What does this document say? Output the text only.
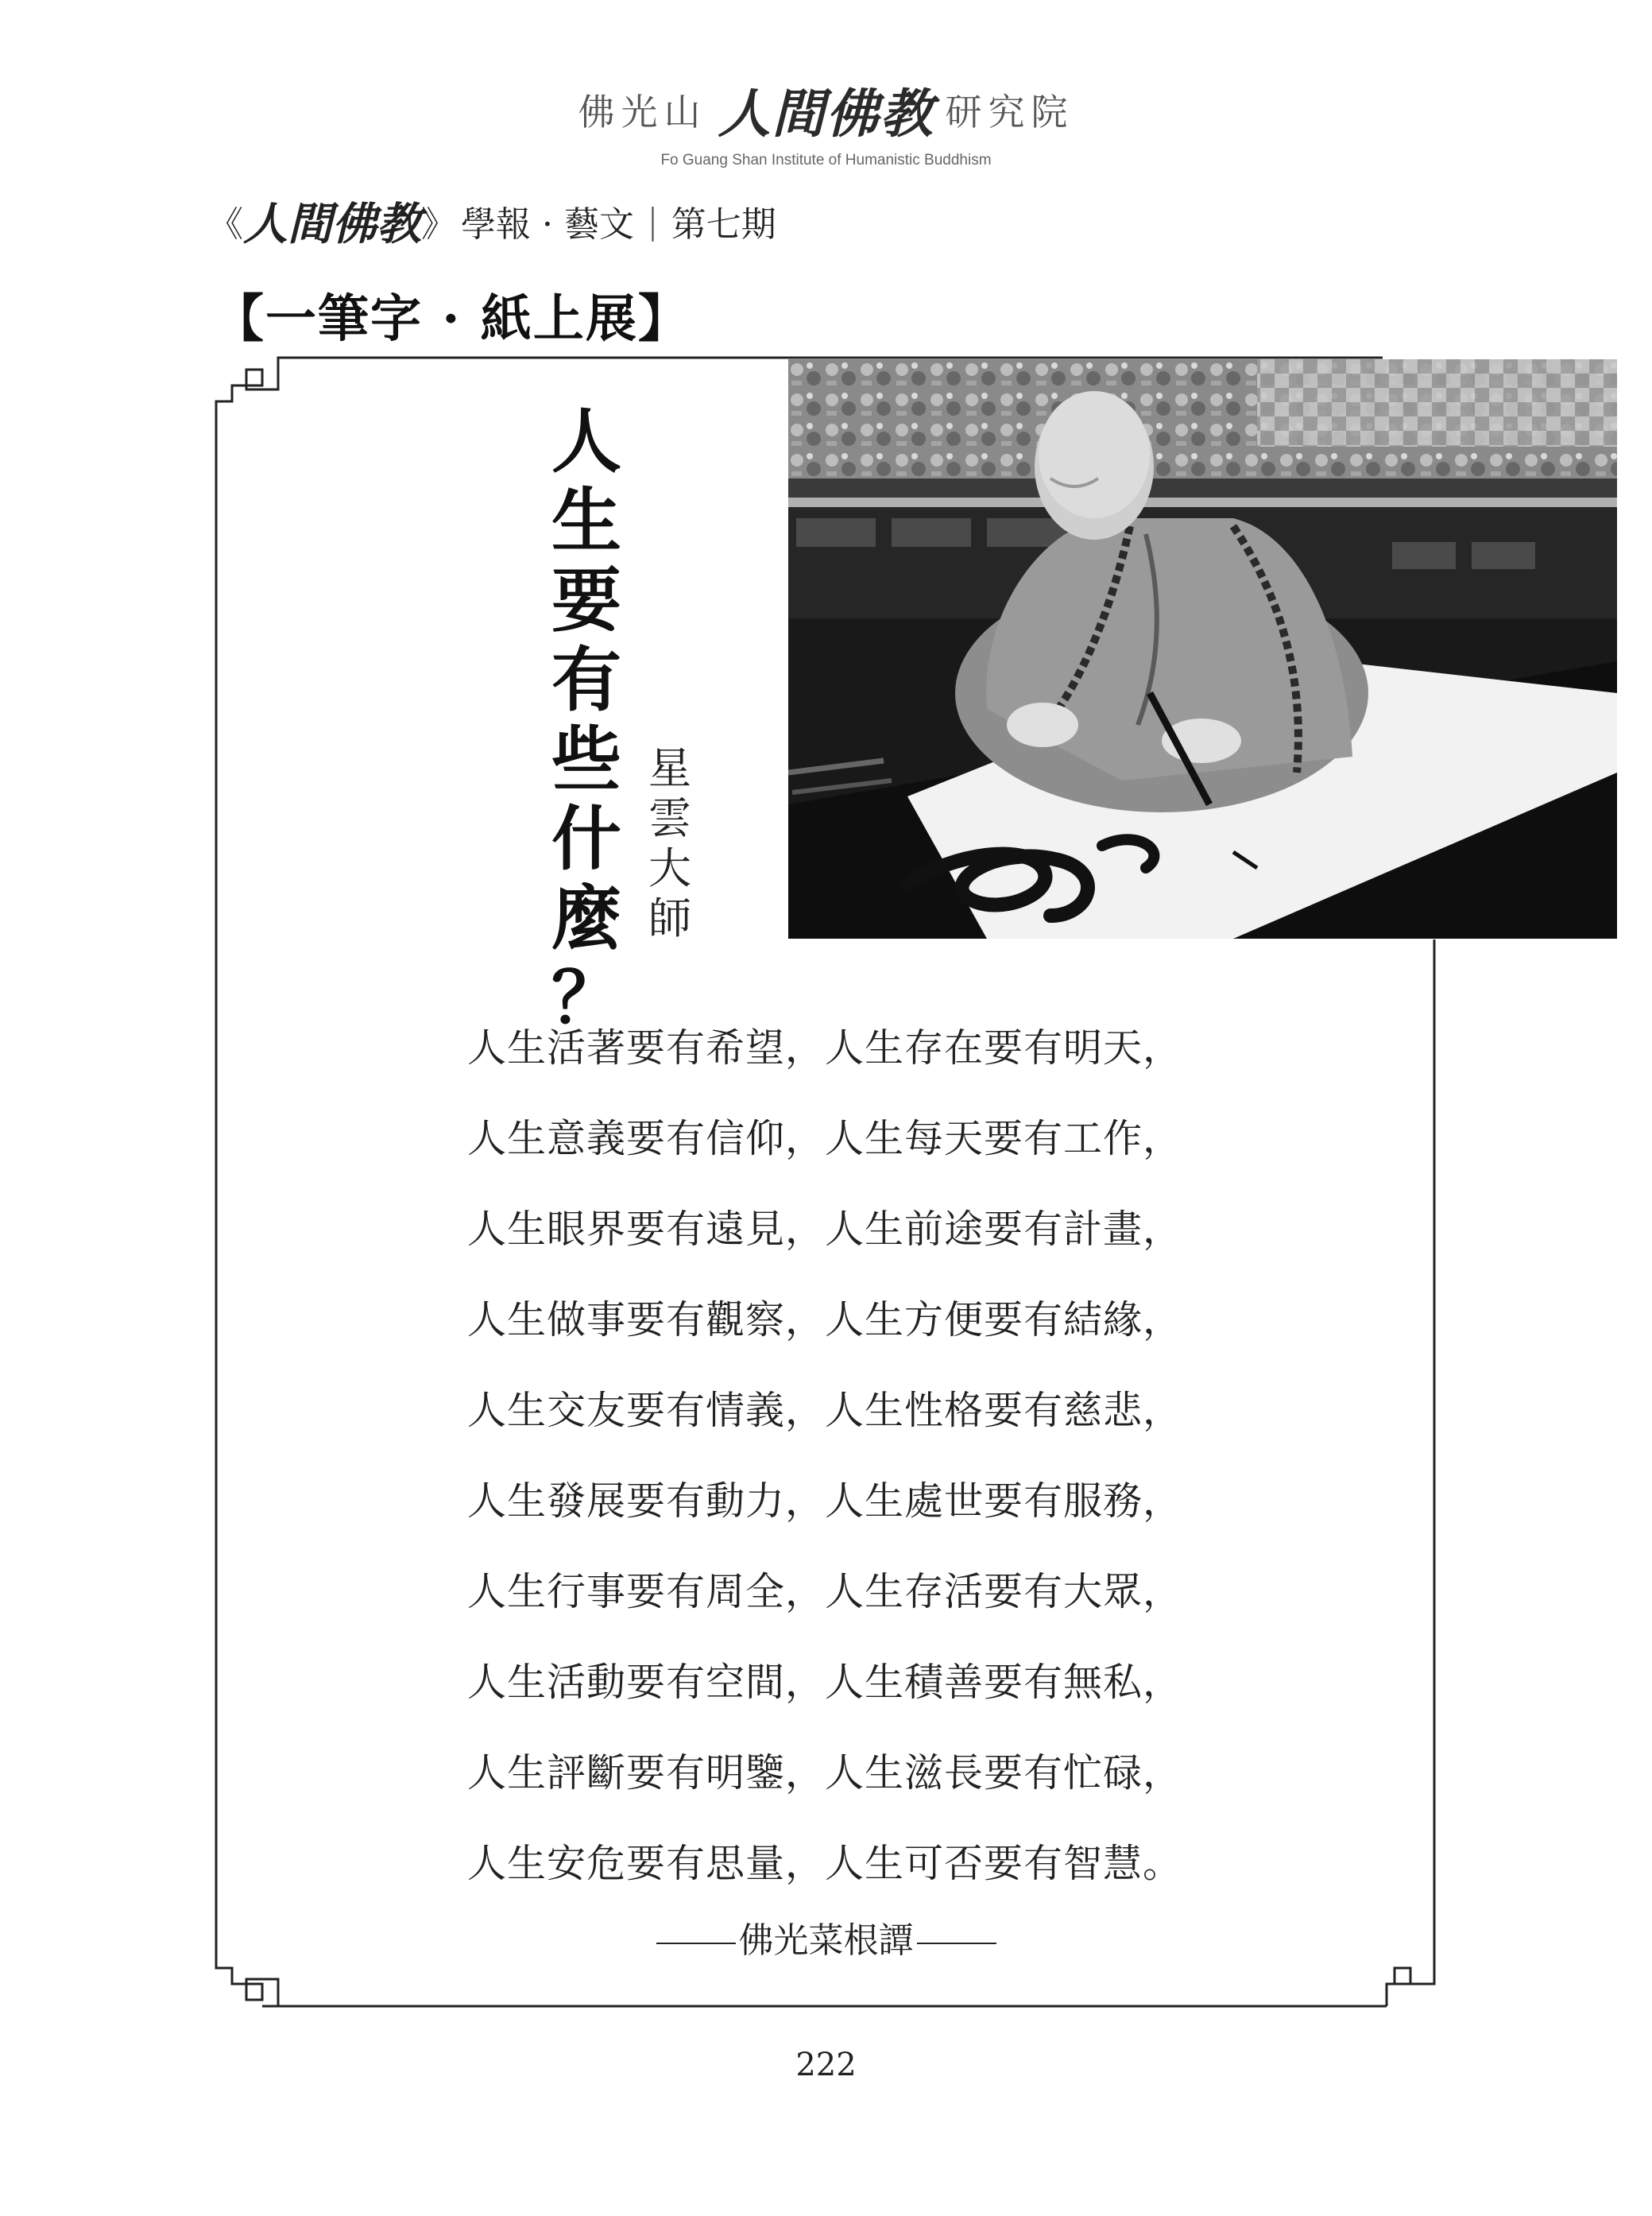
佛光山 人間佛教 研究院
Fo Guang Shan Institute of Humanistic Buddhism
《 人間佛教 》 學報 · 藝文 | 第七期
【一筆字 · 紙上展】
人
生
要
有
些
什
麼
？
星
雲
大
師
人生活著要有希望，人生存在要有明天，
人生意義要有信仰，人生每天要有工作，
人生眼界要有遠見，人生前途要有計畫，
人生做事要有觀察，人生方便要有結緣，
人生交友要有情義，人生性格要有慈悲，
人生發展要有動力，人生處世要有服務，
人生行事要有周全，人生存活要有大眾，
人生活動要有空間，人生積善要有無私，
人生評斷要有明鑒，人生滋長要有忙碌，
人生安危要有思量，人生可否要有智慧。
佛光菜根譚
222
